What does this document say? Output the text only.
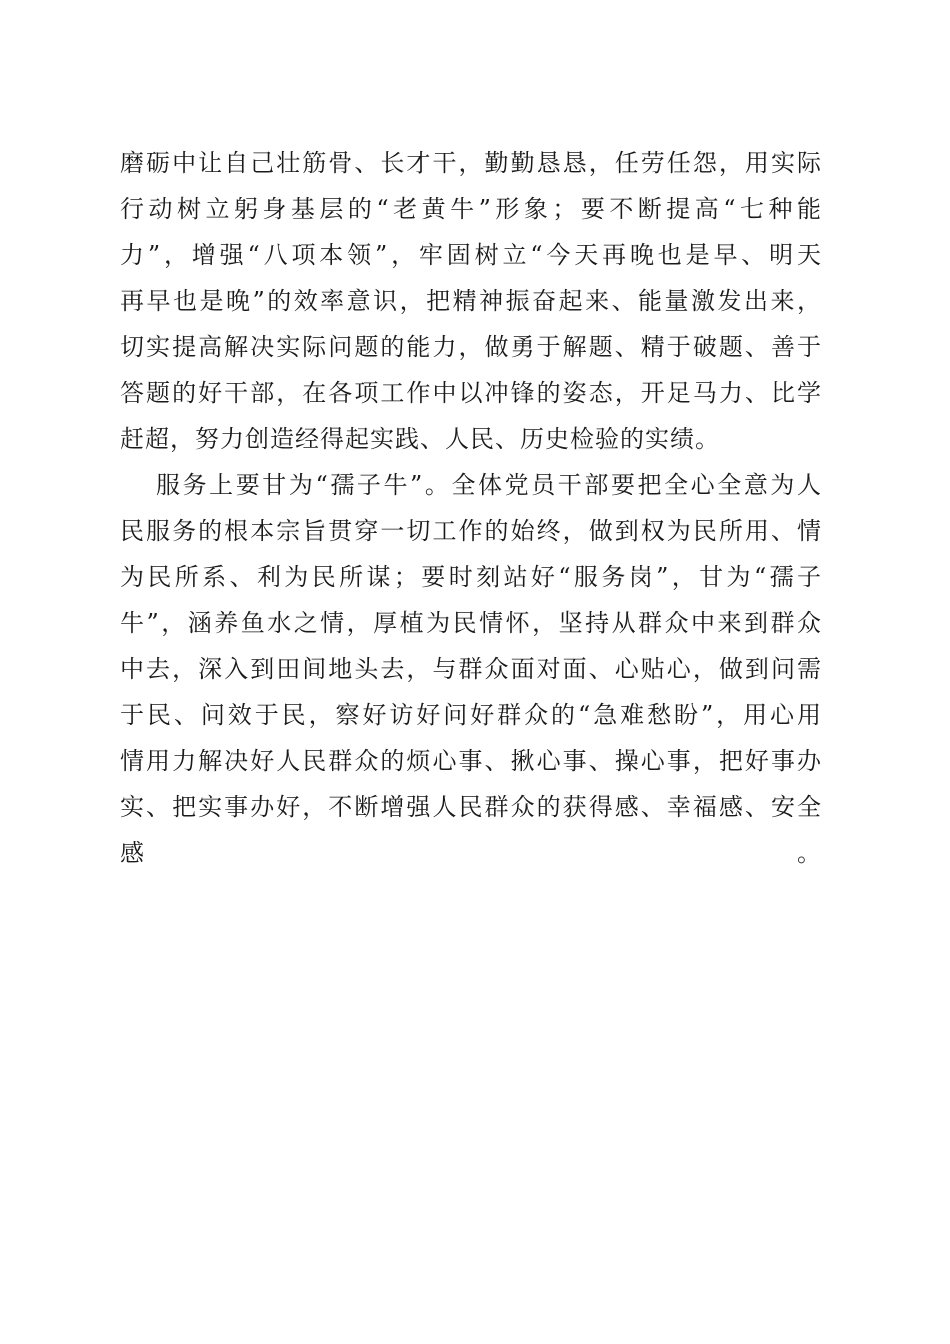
磨砺中让自己壮筋骨、长才干，勤勤恳恳，任劳任怨，用实际
行动树立躬身基层的“老黄牛”形象；要不断提高“七种能
力”，增强“八项本领”，牢固树立“今天再晚也是早、明天
再早也是晚”的效率意识，把精神振奋起来、能量激发出来，
切实提高解决实际问题的能力，做勇于解题、精于破题、善于
答题的好干部，在各项工作中以冲锋的姿态，开足马力、比学
赶超，努力创造经得起实践、人民、历史检验的实绩。
服务上要甘为“孺子牛”。全体党员干部要把全心全意为人
民服务的根本宗旨贯穿一切工作的始终，做到权为民所用、情
为民所系、利为民所谋；要时刻站好“服务岗”，甘为“孺子
牛”，涵养鱼水之情，厚植为民情怀，坚持从群众中来到群众
中去，深入到田间地头去，与群众面对面、心贴心，做到问需
于民、问效于民，察好访好问好群众的“急难愁盼”，用心用
情用力解决好人民群众的烦心事、揪心事、操心事，把好事办
实、把实事办好，不断增强人民群众的获得感、幸福感、安全
感。
